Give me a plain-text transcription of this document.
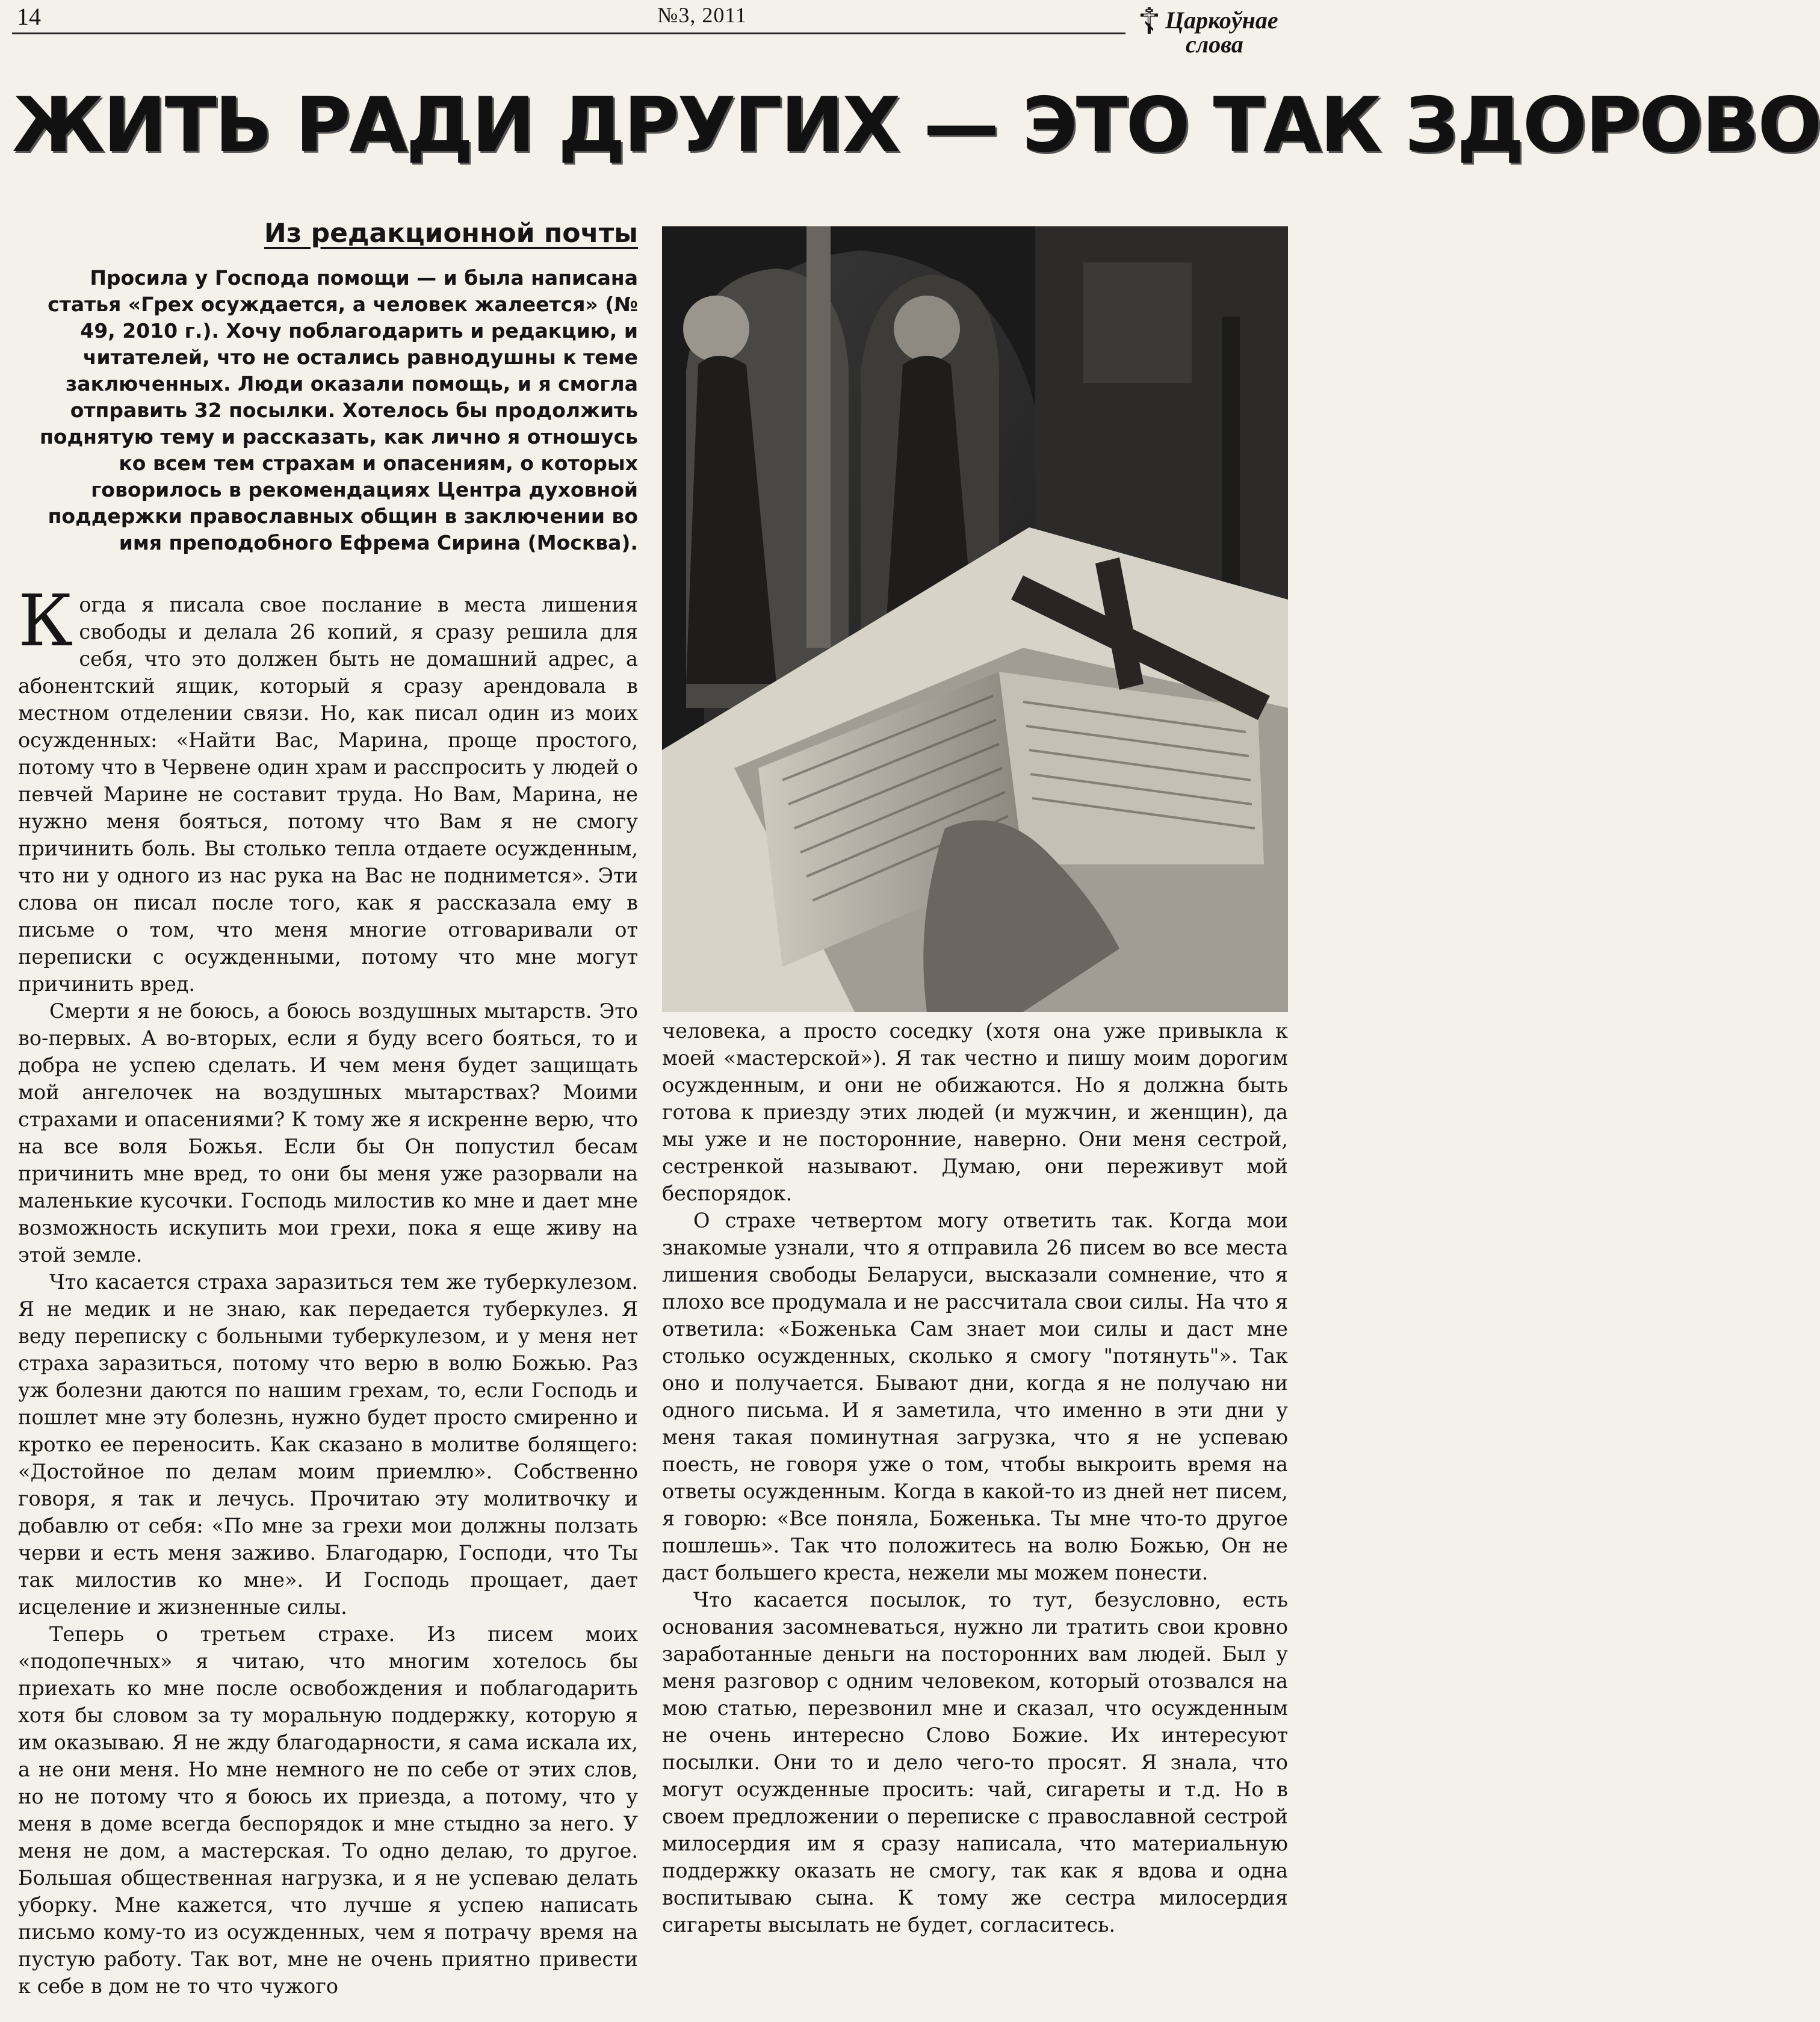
14	№3, 2011	☦ Царкоўнае
слова
ЖИТЬ РАДИ ДРУГИХ — ЭТО ТАК ЗДОРОВО
Из редакционной почты
Просила у Господа помощи — и была написана статья «Грех осуждается, а человек жалеется» (№ 49, 2010 г.). Хочу поблагодарить и редакцию, и читателей, что не остались равнодушны к теме заключенных. Люди оказали помощь, и я смогла отправить 32 посылки. Хотелось бы продолжить поднятую тему и рассказать, как лично я отношусь ко всем тем страхам и опасениям, о которых говорилось в рекомендациях Центра духовной поддержки православных общин в заключении во имя преподобного Ефрема Сирина (Москва).

Когда я писала свое послание в места лишения свободы и делала 26 копий, я сразу решила для себя, что это должен быть не домашний адрес, а абонентский ящик, который я сразу арендовала в местном отделении связи. Но, как писал один из моих осужденных: «Найти Вас, Марина, проще простого, потому что в Червене один храм и расспросить у людей о певчей Марине не составит труда. Но Вам, Марина, не нужно меня бояться, потому что Вам я не смогу причинить боль. Вы столько тепла отдаете осужденным, что ни у одного из нас рука на Вас не поднимется». Эти слова он писал после того, как я рассказала ему в письме о том, что меня многие отговаривали от переписки с осужденными, потому что мне могут причинить вред.

Смерти я не боюсь, а боюсь воздушных мытарств. Это во-первых. А во-вторых, если я буду всего бояться, то и добра не успею сделать. И чем меня будет защищать мой ангелочек на воздушных мытарствах? Моими страхами и опасениями? К тому же я искренне верю, что на все воля Божья. Если бы Он попустил бесам причинить мне вред, то они бы меня уже разорвали на маленькие кусочки. Господь милостив ко мне и дает мне возможность искупить мои грехи, пока я еще живу на этой земле.

Что касается страха заразиться тем же туберкулезом. Я не медик и не знаю, как передается туберкулез. Я веду переписку с больными туберкулезом, и у меня нет страха заразиться, потому что верю в волю Божью. Раз уж болезни даются по нашим грехам, то, если Господь и пошлет мне эту болезнь, нужно будет просто смиренно и кротко ее переносить. Как сказано в молитве болящего: «Достойное по делам моим приемлю». Собственно говоря, я так и лечусь. Прочитаю эту молитвочку и добавлю от себя: «По мне за грехи мои должны ползать черви и есть меня заживо. Благодарю, Господи, что Ты так милостив ко мне». И Господь прощает, дает исцеление и жизненные силы.

Теперь о третьем страхе. Из писем моих «подопечных» я читаю, что многим хотелось бы приехать ко мне после освобождения и поблагодарить хотя бы словом за ту моральную поддержку, которую я им оказываю. Я не жду благодарности, я сама искала их, а не они меня. Но мне немного не по себе от этих слов, но не потому что я боюсь их приезда, а потому, что у меня в доме всегда беспорядок и мне стыдно за него. У меня не дом, а мастерская. То одно делаю, то другое. Большая общественная нагрузка, и я не успеваю делать уборку. Мне кажется, что лучше я успею написать письмо кому-то из осужденных, чем я потрачу время на пустую работу. Так вот, мне не очень приятно привести к себе в дом не то что чужого

человека, а просто соседку (хотя она уже привыкла к моей «мастерской»). Я так честно и пишу моим дорогим осужденным, и они не обижаются. Но я должна быть готова к приезду этих людей (и мужчин, и женщин), да мы уже и не посторонние, наверно. Они меня сестрой, сестренкой называют. Думаю, они переживут мой беспорядок.

О страхе четвертом могу ответить так. Когда мои знакомые узнали, что я отправила 26 писем во все места лишения свободы Беларуси, высказали сомнение, что я плохо все продумала и не рассчитала свои силы. На что я ответила: «Боженька Сам знает мои силы и даст мне столько осужденных, сколько я смогу "потянуть"». Так оно и получается. Бывают дни, когда я не получаю ни одного письма. И я заметила, что именно в эти дни у меня такая поминутная загрузка, что я не успеваю поесть, не говоря уже о том, чтобы выкроить время на ответы осужденным. Когда в какой-то из дней нет писем, я говорю: «Все поняла, Боженька. Ты мне что-то другое пошлешь». Так что положитесь на волю Божью, Он не даст большего креста, нежели мы можем понести.

Что касается посылок, то тут, безусловно, есть основания засомневаться, нужно ли тратить свои кровно заработанные деньги на посторонних вам людей. Был у меня разговор с одним человеком, который отозвался на мою статью, перезвонил мне и сказал, что осужденным не очень интересно Слово Божие. Их интересуют посылки. Они то и дело чего-то просят. Я знала, что могут осужденные просить: чай, сигареты и т.д. Но в своем предложении о переписке с православной сестрой милосердия им я сразу написала, что материальную поддержку оказать не смогу, так как я вдова и одна воспитываю сына. К тому же сестра милосердия сигареты высылать не будет, согласитесь.
